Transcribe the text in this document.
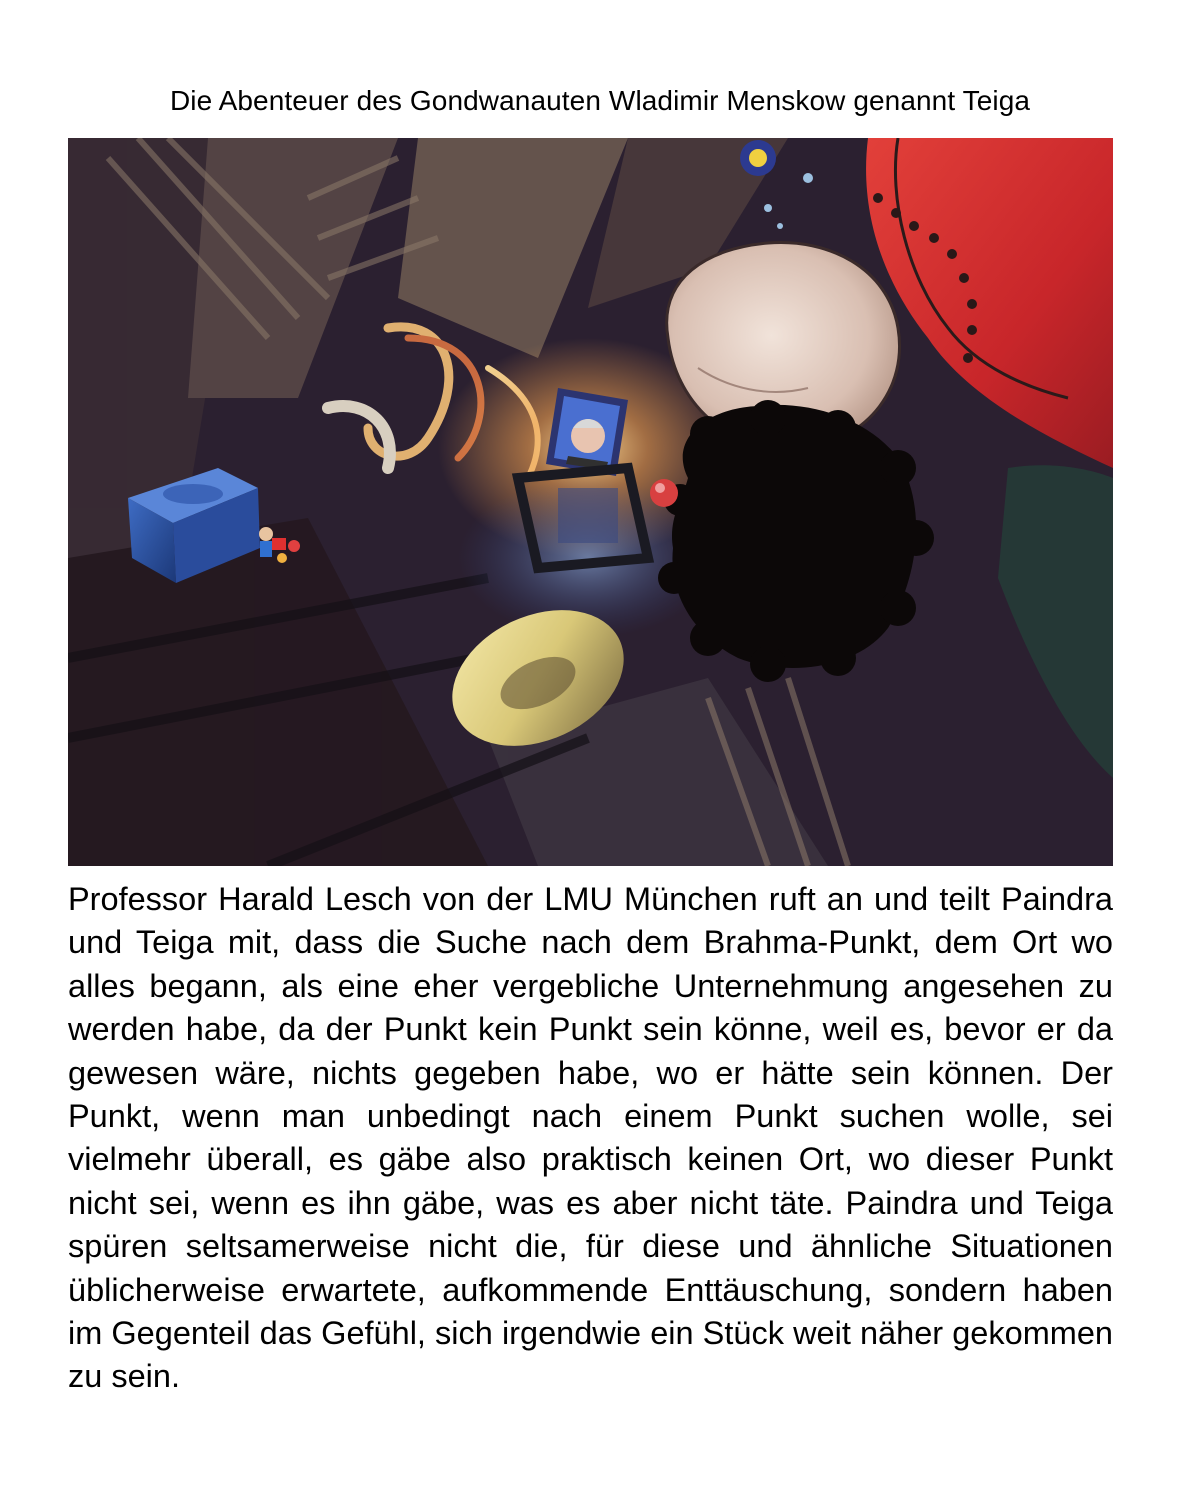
Die Abenteuer des Gondwanauten Wladimir Menskow genannt Teiga

Professor Harald Lesch von der LMU München ruft an und teilt Paindra und Teiga mit, dass die Suche nach dem Brahma-Punkt, dem Ort wo alles begann, als eine eher vergebliche Unternehmung angesehen zu werden habe, da der Punkt kein Punkt sein könne, weil es, bevor er da gewesen wäre, nichts gegeben habe, wo er hätte sein können. Der Punkt, wenn man unbedingt nach einem Punkt suchen wolle, sei vielmehr überall, es gäbe also praktisch keinen Ort, wo dieser Punkt nicht sei, wenn es ihn gäbe, was es aber nicht täte. Paindra und Teiga spüren seltsamerweise nicht die, für diese und ähnliche Situationen üblicherweise erwartete, aufkommende Enttäuschung, sondern haben im Gegenteil das Gefühl, sich irgendwie ein Stück weit näher gekommen zu sein.
